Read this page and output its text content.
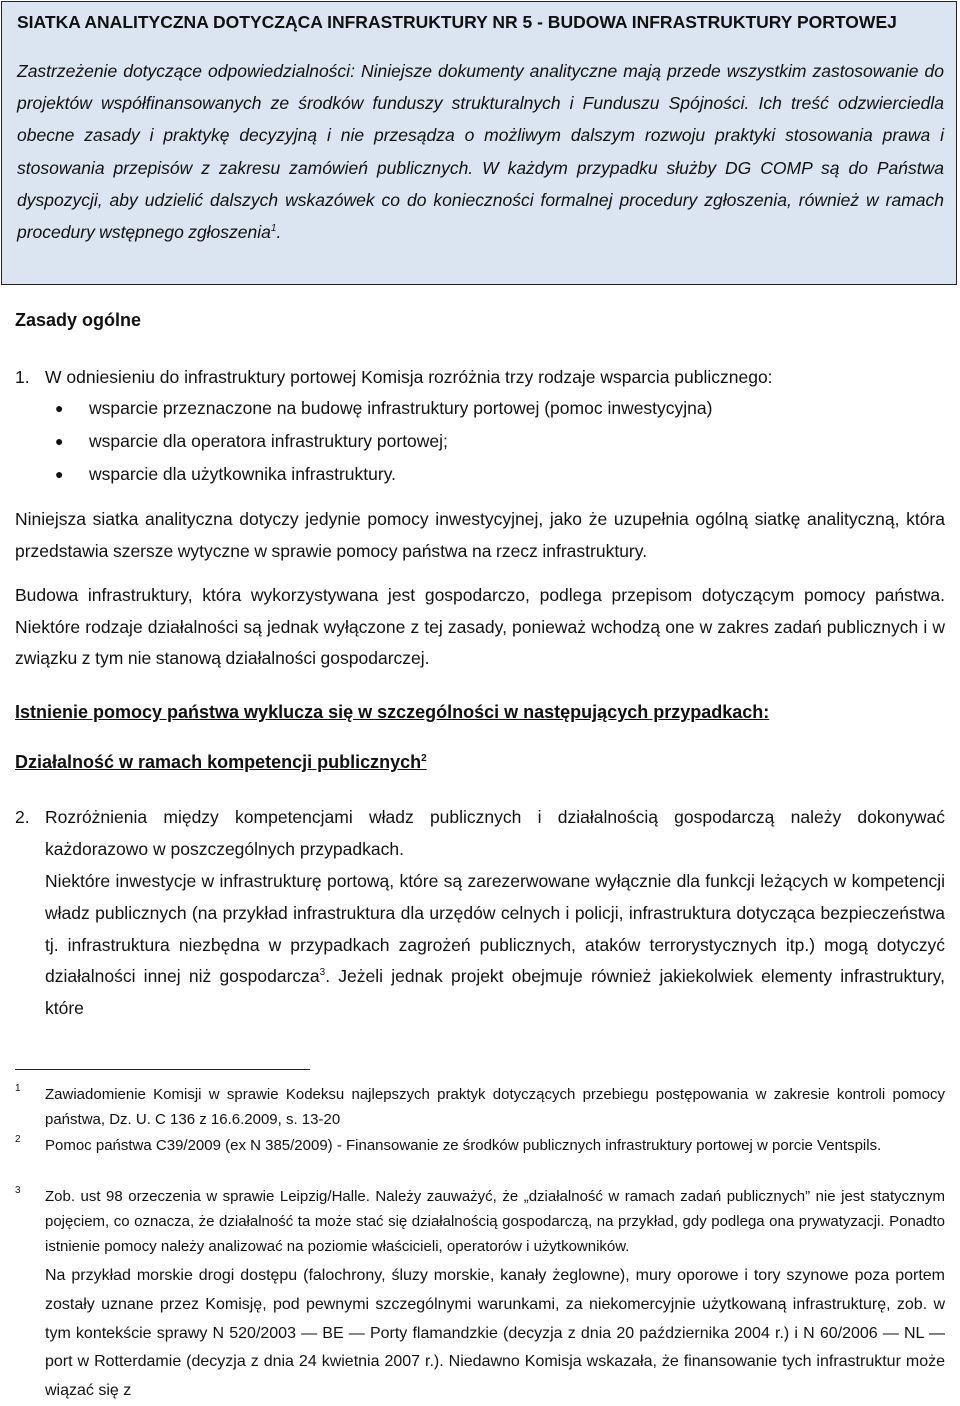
SIATKA ANALITYCZNA DOTYCZĄCA INFRASTRUKTURY NR 5 - BUDOWA INFRASTRUKTURY PORTOWEJ

Zastrzeżenie dotyczące odpowiedzialności: Niniejsze dokumenty analityczne mają przede wszystkim zastosowanie do projektów współfinansowanych ze środków funduszy strukturalnych i Funduszu Spójności. Ich treść odzwierciedla obecne zasady i praktykę decyzyjną i nie przesądza o możliwym dalszym rozwoju praktyki stosowania prawa i stosowania przepisów z zakresu zamówień publicznych. W każdym przypadku służby DG COMP są do Państwa dyspozycji, aby udzielić dalszych wskazówek co do konieczności formalnej procedury zgłoszenia, również w ramach procedury wstępnego zgłoszenia$^1$.

Zasady ogólne
1. W odniesieniu do infrastruktury portowej Komisja rozróżnia trzy rodzaje wsparcia publicznego:
●	wsparcie przeznaczone na budowę infrastruktury portowej (pomoc inwestycyjna)
●	wsparcie dla operatora infrastruktury portowej;
●	wsparcie dla użytkownika infrastruktury.

Niniejsza siatka analityczna dotyczy jedynie pomocy inwestycyjnej, jako że uzupełnia ogólną siatkę analityczną, która przedstawia szersze wytyczne w sprawie pomocy państwa na rzecz infrastruktury.

Budowa infrastruktury, która wykorzystywana jest gospodarczo, podlega przepisom dotyczącym pomocy państwa. Niektóre rodzaje działalności są jednak wyłączone z tej zasady, ponieważ wchodzą one w zakres zadań publicznych i w związku z tym nie stanową działalności gospodarczej.

Istnienie pomocy państwa wyklucza się w szczególności w następujących przypadkach:
Działalność w ramach kompetencji publicznych$^2$
2. Rozróżnienia między kompetencjami władz publicznych i działalnością gospodarczą należy dokonywać każdorazowo w poszczególnych przypadkach.

Niektóre inwestycje w infrastrukturę portową, które są zarezerwowane wyłącznie dla funkcji leżących w kompetencji władz publicznych (na przykład infrastruktura dla urzędów celnych i policji, infrastruktura dotycząca bezpieczeństwa tj. infrastruktura niezbędna w przypadkach zagrożeń publicznych, ataków terrorystycznych itp.) mogą dotyczyć działalności innej niż gospodarcza$^3$. Jeżeli jednak projekt obejmuje również jakiekolwiek elementy infrastruktury, które

1	Zawiadomienie Komisji w sprawie Kodeksu najlepszych praktyk dotyczących przebiegu postępowania w zakresie kontroli pomocy państwa, Dz. U. C 136 z 16.6.2009, s. 13-20
2	Pomoc państwa C39/2009 (ex N 385/2009) - Finansowanie ze środków publicznych infrastruktury portowej w porcie Ventspils.
3	Zob. ust 98 orzeczenia w sprawie Leipzig/Halle. Należy zauważyć, że „działalność w ramach zadań publicznych” nie jest statycznym pojęciem, co oznacza, że działalność ta może stać się działalnością gospodarczą, na przykład, gdy podlega ona prywatyzacji. Ponadto istnienie pomocy należy analizować na poziomie właścicieli, operatorów i użytkowników.

Na przykład morskie drogi dostępu (falochrony, śluzy morskie, kanały żeglowne), mury oporowe i tory szynowe poza portem zostały uznane przez Komisję, pod pewnymi szczególnymi warunkami, za niekomercyjnie użytkowaną infrastrukturę, zob. w tym kontekście sprawy N 520/2003 — BE — Porty flamandzkie (decyzja z dnia 20 października 2004 r.) i N 60/2006 — NL — port w Rotterdamie (decyzja z dnia 24 kwietnia 2007 r.). Niedawno Komisja wskazała, że finansowanie tych infrastruktur może wiązać się z
